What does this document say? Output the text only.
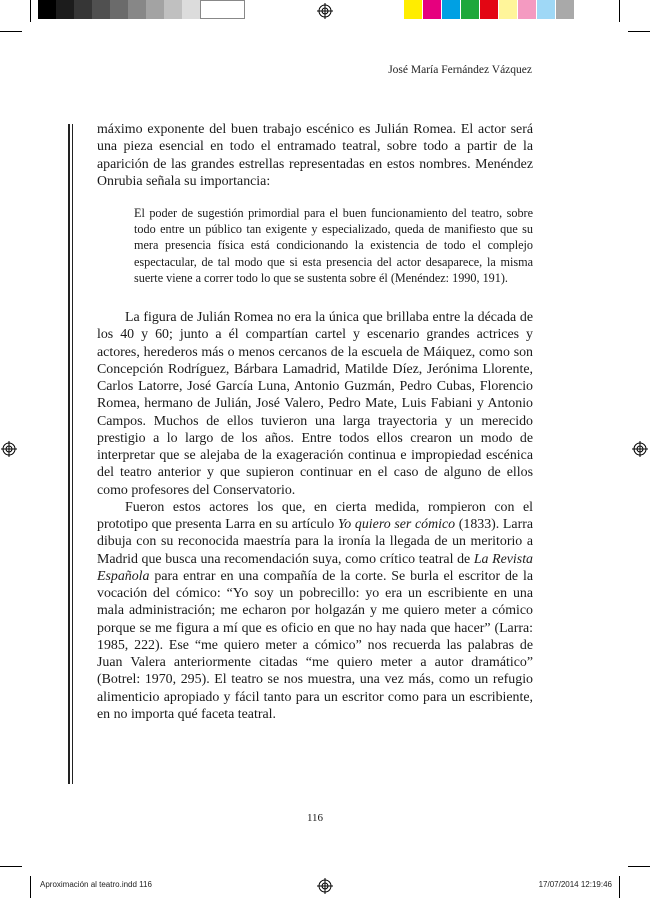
José María Fernández Vázquez

máximo exponente del buen trabajo escénico es Julián Romea. El actor será una pieza esencial en todo el entramado teatral, sobre todo a partir de la aparición de las grandes estrellas representadas en estos nombres. Menéndez Onrubia señala su importancia:

El poder de sugestión primordial para el buen funcionamiento del teatro, sobre todo entre un público tan exigente y especializado, queda de manifiesto que su mera presencia física está condicionando la existencia de todo el complejo espectacular, de tal modo que si esta presencia del actor desaparece, la misma suerte viene a correr todo lo que se sustenta sobre él (Menéndez: 1990, 191).

La figura de Julián Romea no era la única que brillaba entre la década de los 40 y 60; junto a él compartían cartel y escenario grandes actrices y actores, herederos más o menos cercanos de la escuela de Máiquez, como son Concepción Rodríguez, Bárbara Lamadrid, Matilde Díez, Jerónima Llorente, Carlos Latorre, José García Luna, Antonio Guzmán, Pedro Cubas, Florencio Romea, hermano de Julián, José Valero, Pedro Mate, Luis Fabiani y Antonio Campos. Muchos de ellos tuvieron una larga trayectoria y un merecido prestigio a lo largo de los años. Entre todos ellos crearon un modo de interpretar que se alejaba de la exageración continua e impropiedad escénica del teatro anterior y que supieron continuar en el caso de alguno de ellos como profesores del Conservatorio.

Fueron estos actores los que, en cierta medida, rompieron con el prototipo que presenta Larra en su artículo Yo quiero ser cómico (1833). Larra dibuja con su reconocida maestría para la ironía la llegada de un meritorio a Madrid que busca una recomendación suya, como crítico teatral de La Revista Española para entrar en una compañía de la corte. Se burla el escritor de la vocación del cómico: “Yo soy un pobrecillo: yo era un escribiente en una mala administración; me echaron por holgazán y me quiero meter a cómico porque se me figura a mí que es oficio en que no hay nada que hacer” (Larra: 1985, 222). Ese “me quiero meter a cómico” nos recuerda las palabras de Juan Valera anteriormente citadas “me quiero meter a autor dramático” (Botrel: 1970, 295). El teatro se nos muestra, una vez más, como un refugio alimenticio apropiado y fácil tanto para un escritor como para un escribiente, en no importa qué faceta teatral.

116
Aproximación al teatro.indd 116	17/07/2014 12:19:46
